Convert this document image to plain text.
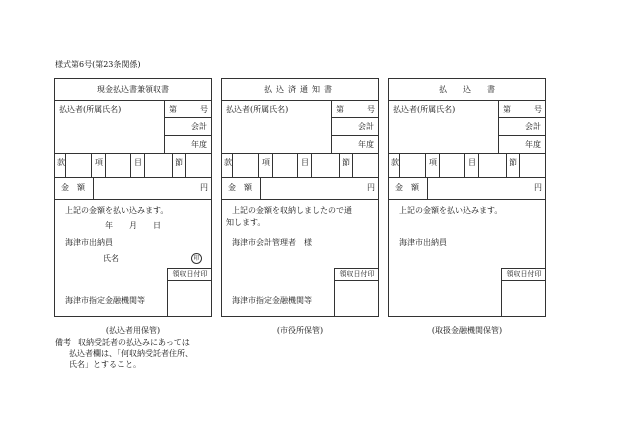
様式第6号(第23条関係)
現金払込書兼領収書
払込者(所属氏名)	第	号
会計
年度
款	項	目	節
金　額	円
上記の金額を払い込みます。
年　　月　　日
海津市出納員
氏名	印
領収日付印
海津市指定金融機関等
(払込者用保管)
払込済通知書
払込者(所属氏名)	第	号
会計
年度
款	項	目	節
金　額	円
上記の金額を収納しましたので通
知します。
海津市会計管理者　様
領収日付印
海津市指定金融機関等
(市役所保管)
払　　込　　書
払込者(所属氏名)	第	号
会計
年度
款	項	目	節
金　額	円
上記の金額を払い込みます。
海津市出納員
領収日付印
(取扱金融機関保管)
備考 収納受託者の払込みにあっては
払込者欄は、「何収納受託者住所、
氏名」とすること。
